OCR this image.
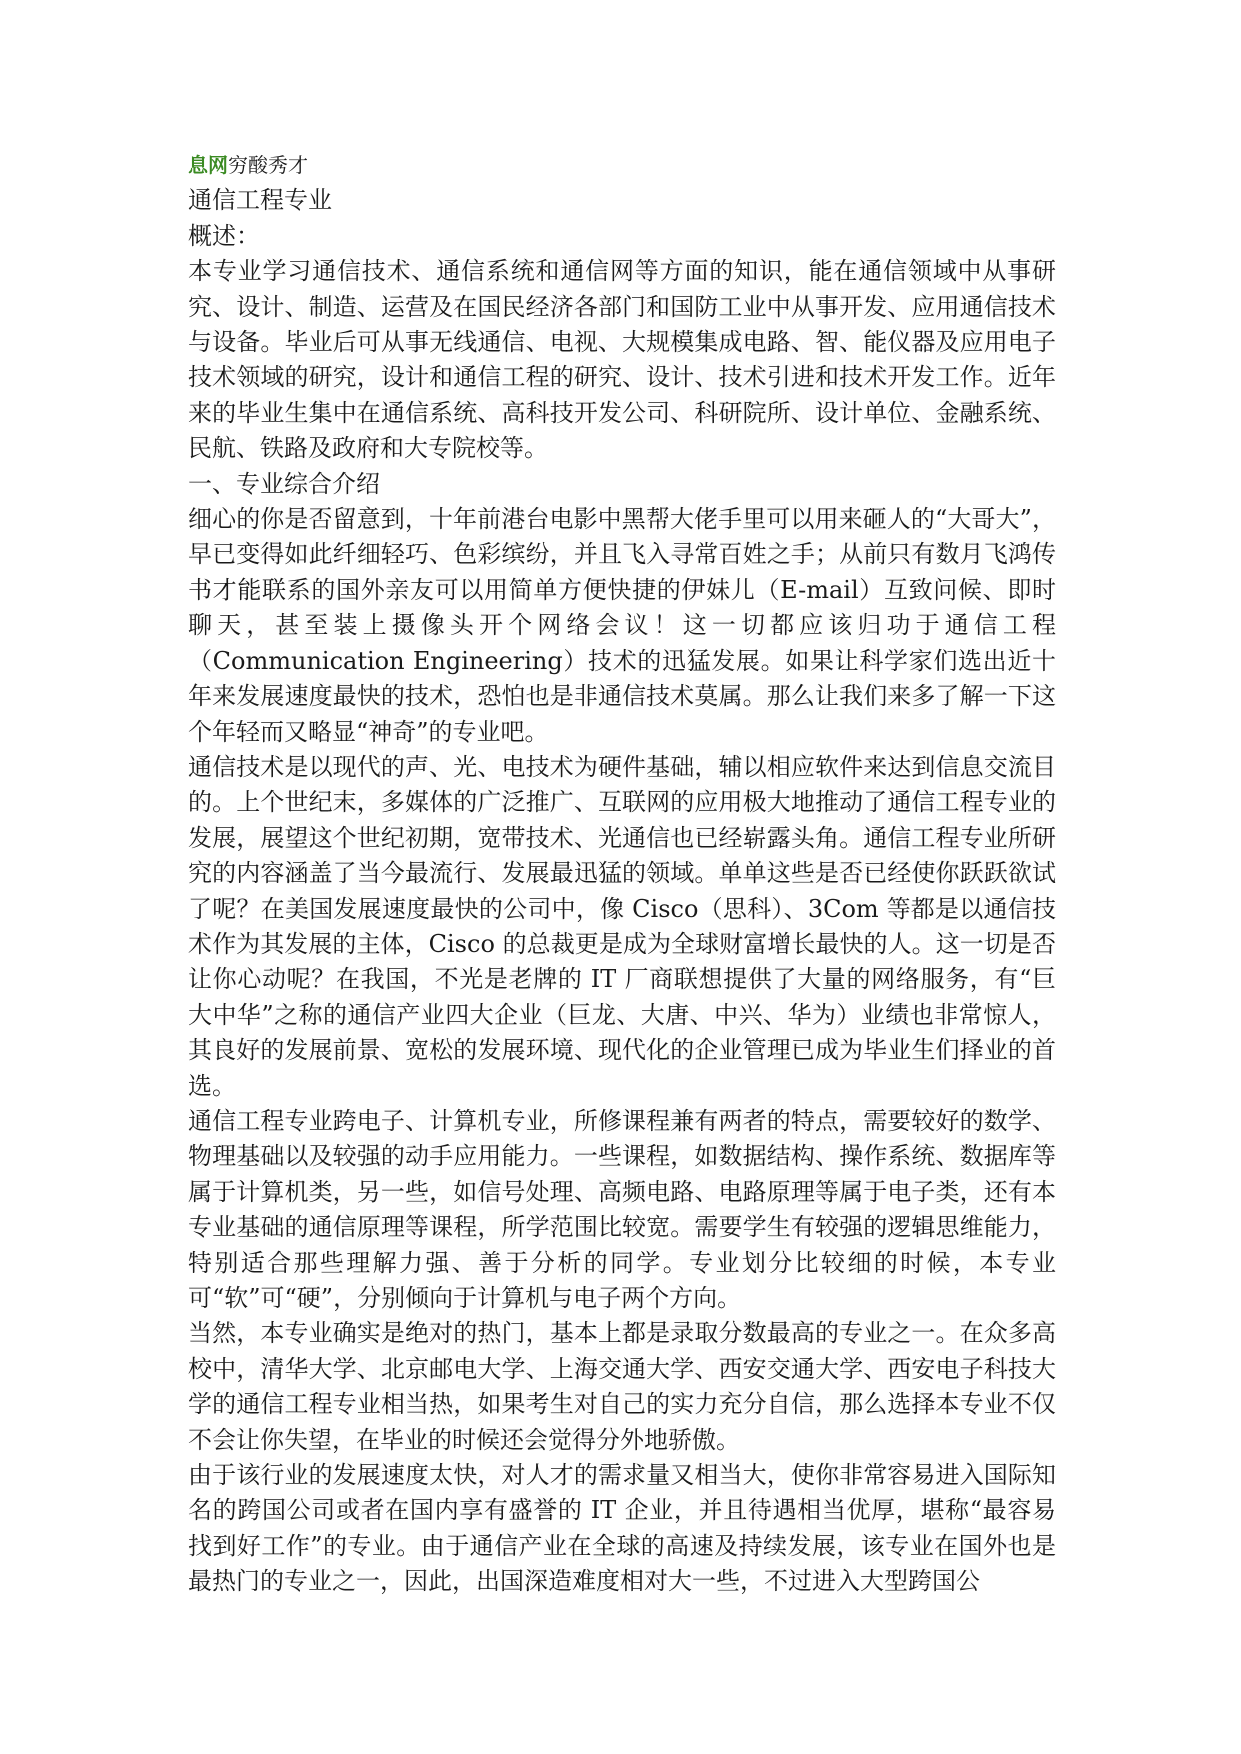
息网穷酸秀才
通信工程专业
概述：

本专业学习通信技术、通信系统和通信网等方面的知识，能在通信领域中从事研究、设计、制造、运营及在国民经济各部门和国防工业中从事开发、应用通信技术与设备。毕业后可从事无线通信、电视、大规模集成电路、智、能仪器及应用电子技术领域的研究，设计和通信工程的研究、设计、技术引进和技术开发工作。近年来的毕业生集中在通信系统、高科技开发公司、科研院所、设计单位、金融系统、民航、铁路及政府和大专院校等。

一、专业综合介绍

细心的你是否留意到，十年前港台电影中黑帮大佬手里可以用来砸人的“大哥大”，早已变得如此纤细轻巧、色彩缤纷，并且飞入寻常百姓之手；从前只有数月飞鸿传书才能联系的国外亲友可以用简单方便快捷的伊妹儿（E-mail）互致问候、即时聊天，甚至装上摄像头开个网络会议！这一切都应该归功于通信工程（Communication Engineering）技术的迅猛发展。如果让科学家们选出近十年来发展速度最快的技术，恐怕也是非通信技术莫属。那么让我们来多了解一下这个年轻而又略显“神奇”的专业吧。

通信技术是以现代的声、光、电技术为硬件基础，辅以相应软件来达到信息交流目的。上个世纪末，多媒体的广泛推广、互联网的应用极大地推动了通信工程专业的发展，展望这个世纪初期，宽带技术、光通信也已经崭露头角。通信工程专业所研究的内容涵盖了当今最流行、发展最迅猛的领域。单单这些是否已经使你跃跃欲试了呢？在美国发展速度最快的公司中，像 Cisco（思科）、3Com 等都是以通信技术作为其发展的主体，Cisco 的总裁更是成为全球财富增长最快的人。这一切是否让你心动呢？在我国，不光是老牌的 IT 厂商联想提供了大量的网络服务，有“巨大中华”之称的通信产业四大企业（巨龙、大唐、中兴、华为）业绩也非常惊人，其良好的发展前景、宽松的发展环境、现代化的企业管理已成为毕业生们择业的首选。

通信工程专业跨电子、计算机专业，所修课程兼有两者的特点，需要较好的数学、物理基础以及较强的动手应用能力。一些课程，如数据结构、操作系统、数据库等属于计算机类，另一些，如信号处理、高频电路、电路原理等属于电子类，还有本专业基础的通信原理等课程，所学范围比较宽。需要学生有较强的逻辑思维能力，特别适合那些理解力强、善于分析的同学。专业划分比较细的时候，本专业可“软”可“硬”，分别倾向于计算机与电子两个方向。

当然，本专业确实是绝对的热门，基本上都是录取分数最高的专业之一。在众多高校中，清华大学、北京邮电大学、上海交通大学、西安交通大学、西安电子科技大学的通信工程专业相当热，如果考生对自己的实力充分自信，那么选择本专业不仅不会让你失望，在毕业的时候还会觉得分外地骄傲。

由于该行业的发展速度太快，对人才的需求量又相当大，使你非常容易进入国际知名的跨国公司或者在国内享有盛誉的 IT 企业，并且待遇相当优厚，堪称“最容易找到好工作”的专业。由于通信产业在全球的高速及持续发展，该专业在国外也是最热门的专业之一，因此，出国深造难度相对大一些，不过进入大型跨国公
